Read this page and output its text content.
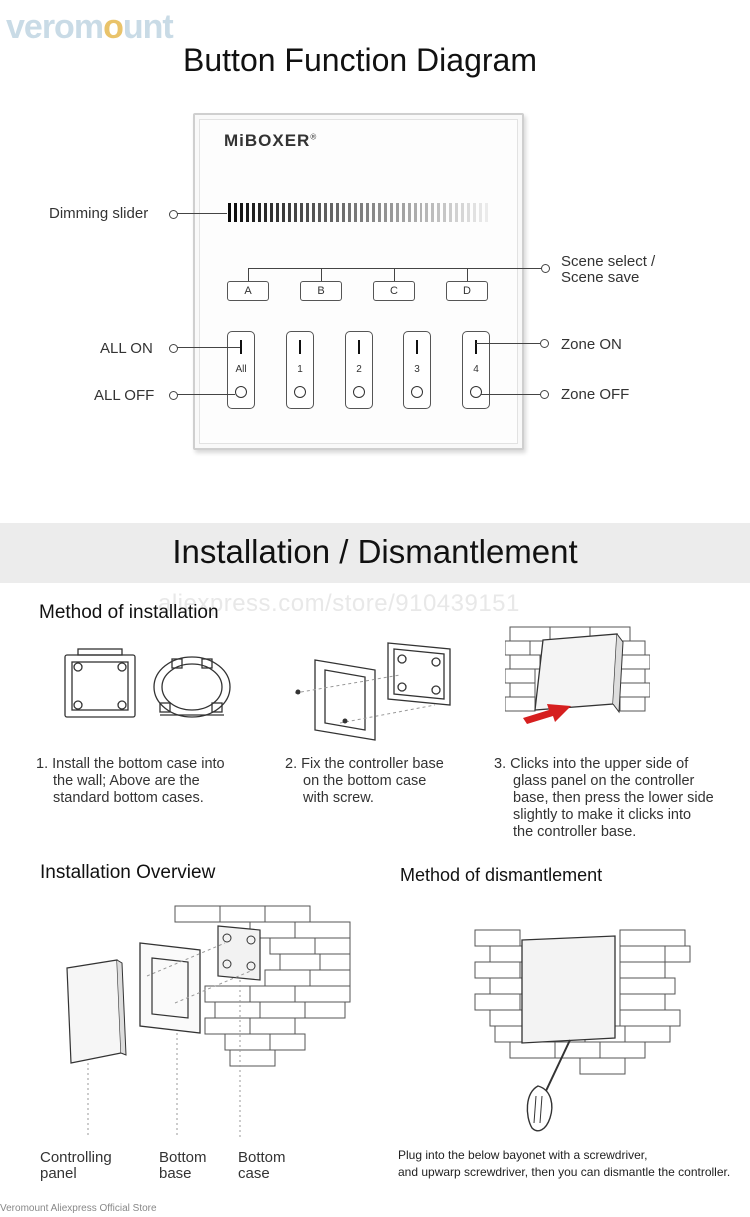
veromount
Button Function Diagram
MiBOXER®
A	B	C	D
All	1	2	3	4
Dimming slider
ALL ON
ALL OFF
Scene select /
Scene save
Zone ON
Zone OFF
Installation / Dismantlement
aliexpress.com/store/910439151
Method of installation
1. Install the bottom case into
the wall; Above are the
standard bottom cases.
2. Fix the controller base
on the bottom case
with screw.
3. Clicks into the upper side of
glass panel on the controller
base, then press the lower side
slightly to make it clicks into
the controller base.
Installation Overview	Method of dismantlement
Controlling
panel
Bottom
base
Bottom
case
Plug into the below bayonet with a screwdriver,
and upwarp screwdriver, then you can dismantle the controller.
Veromount Aliexpress Official Store
